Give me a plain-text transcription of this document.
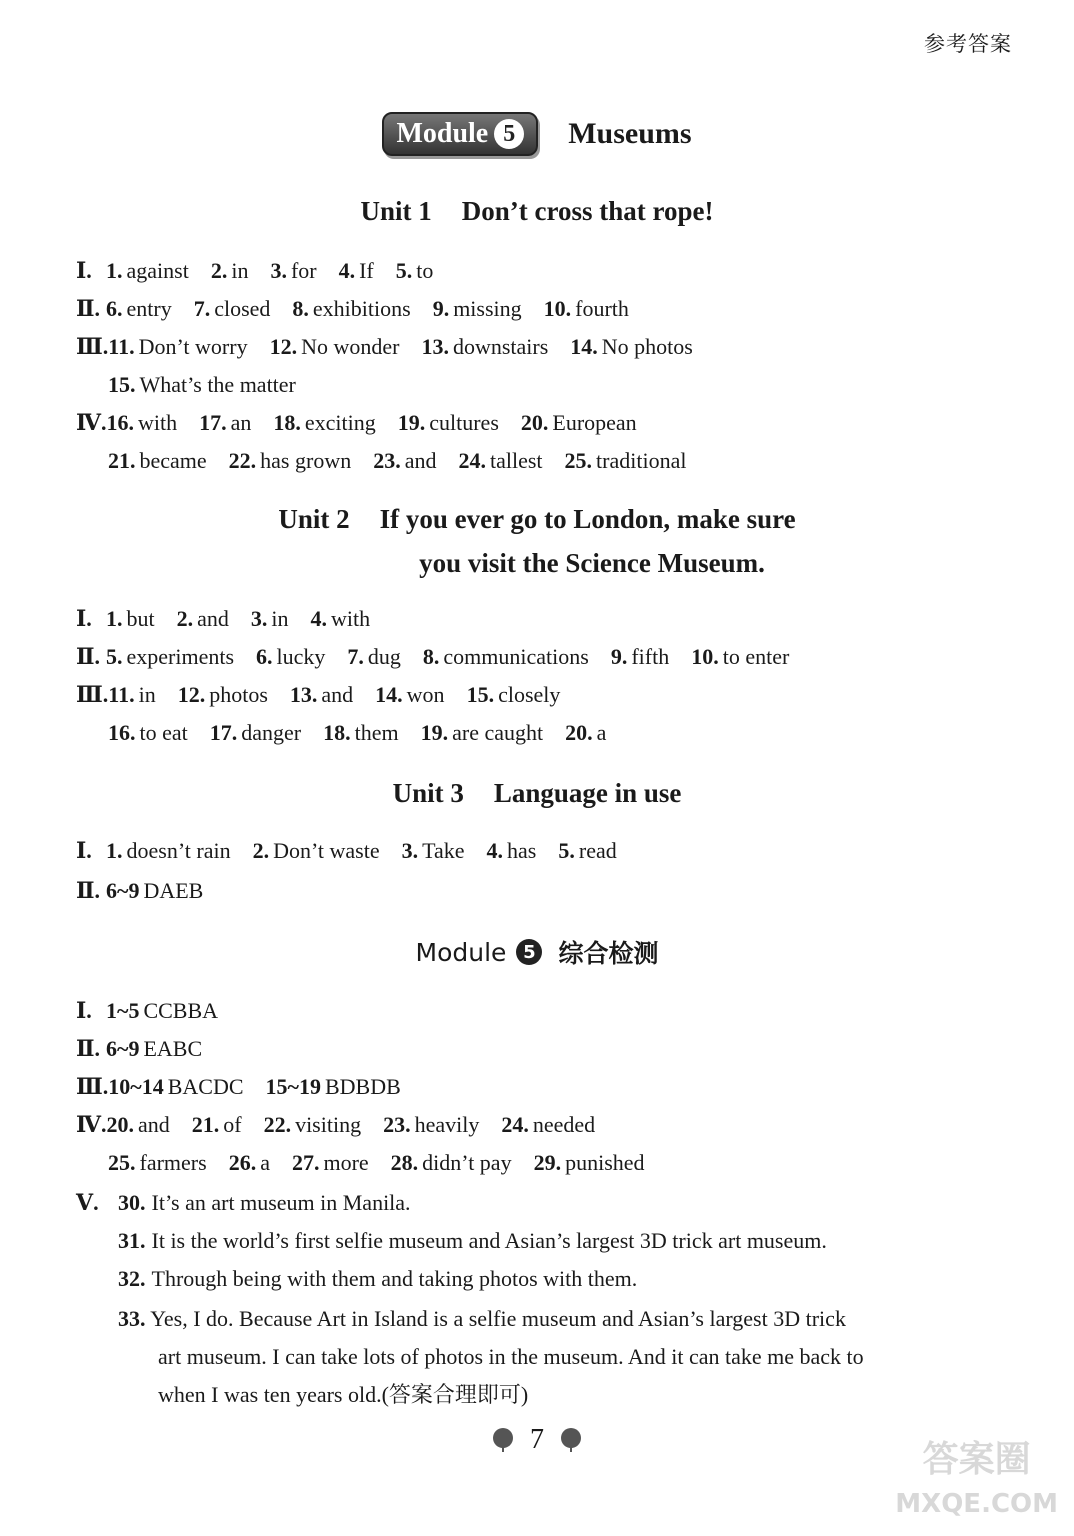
参考答案
Module 5	Museums
Unit 1 Don’t cross that rope!
Ⅰ. 1. against 2. in 3. for 4. If 5. to
Ⅱ. 6. entry 7. closed 8. exhibitions 9. missing 10. fourth
Ⅲ.11. Don’t worry 12. No wonder 13. downstairs 14. No photos
15. What’s the matter
Ⅳ.16. with 17. an 18. exciting 19. cultures 20. European
21. became 22. has grown 23. and 24. tallest 25. traditional
Unit 2 If you ever go to London, make sure
you visit the Science Museum.
Ⅰ. 1. but 2. and 3. in 4. with
Ⅱ. 5. experiments 6. lucky 7. dug 8. communications 9. fifth 10. to enter
Ⅲ.11. in 12. photos 13. and 14. won 15. closely
16. to eat 17. danger 18. them 19. are caught 20. a
Unit 3 Language in use
Ⅰ. 1. doesn’t rain 2. Don’t waste 3. Take 4. has 5. read
Ⅱ. 6~9 DAEB
Module 5 综合检测
Ⅰ. 1~5 CCBBA
Ⅱ. 6~9 EABC
Ⅲ.10~14 BACDC 15~19 BDBDB
Ⅳ.20. and 21. of 22. visiting 23. heavily 24. needed
25. farmers 26. a 27. more 28. didn’t pay 29. punished
Ⅴ. 30. It’s an art museum in Manila.
31. It is the world’s first selfie museum and Asian’s largest 3D trick art museum.
32. Through being with them and taking photos with them.
33. Yes, I do. Because Art in Island is a selfie museum and Asian’s largest 3D trick
art museum. I can take lots of photos in the museum. And it can take me back to
when I was ten years old.(答案合理即可)
7	答案圈
MXQE.COM
